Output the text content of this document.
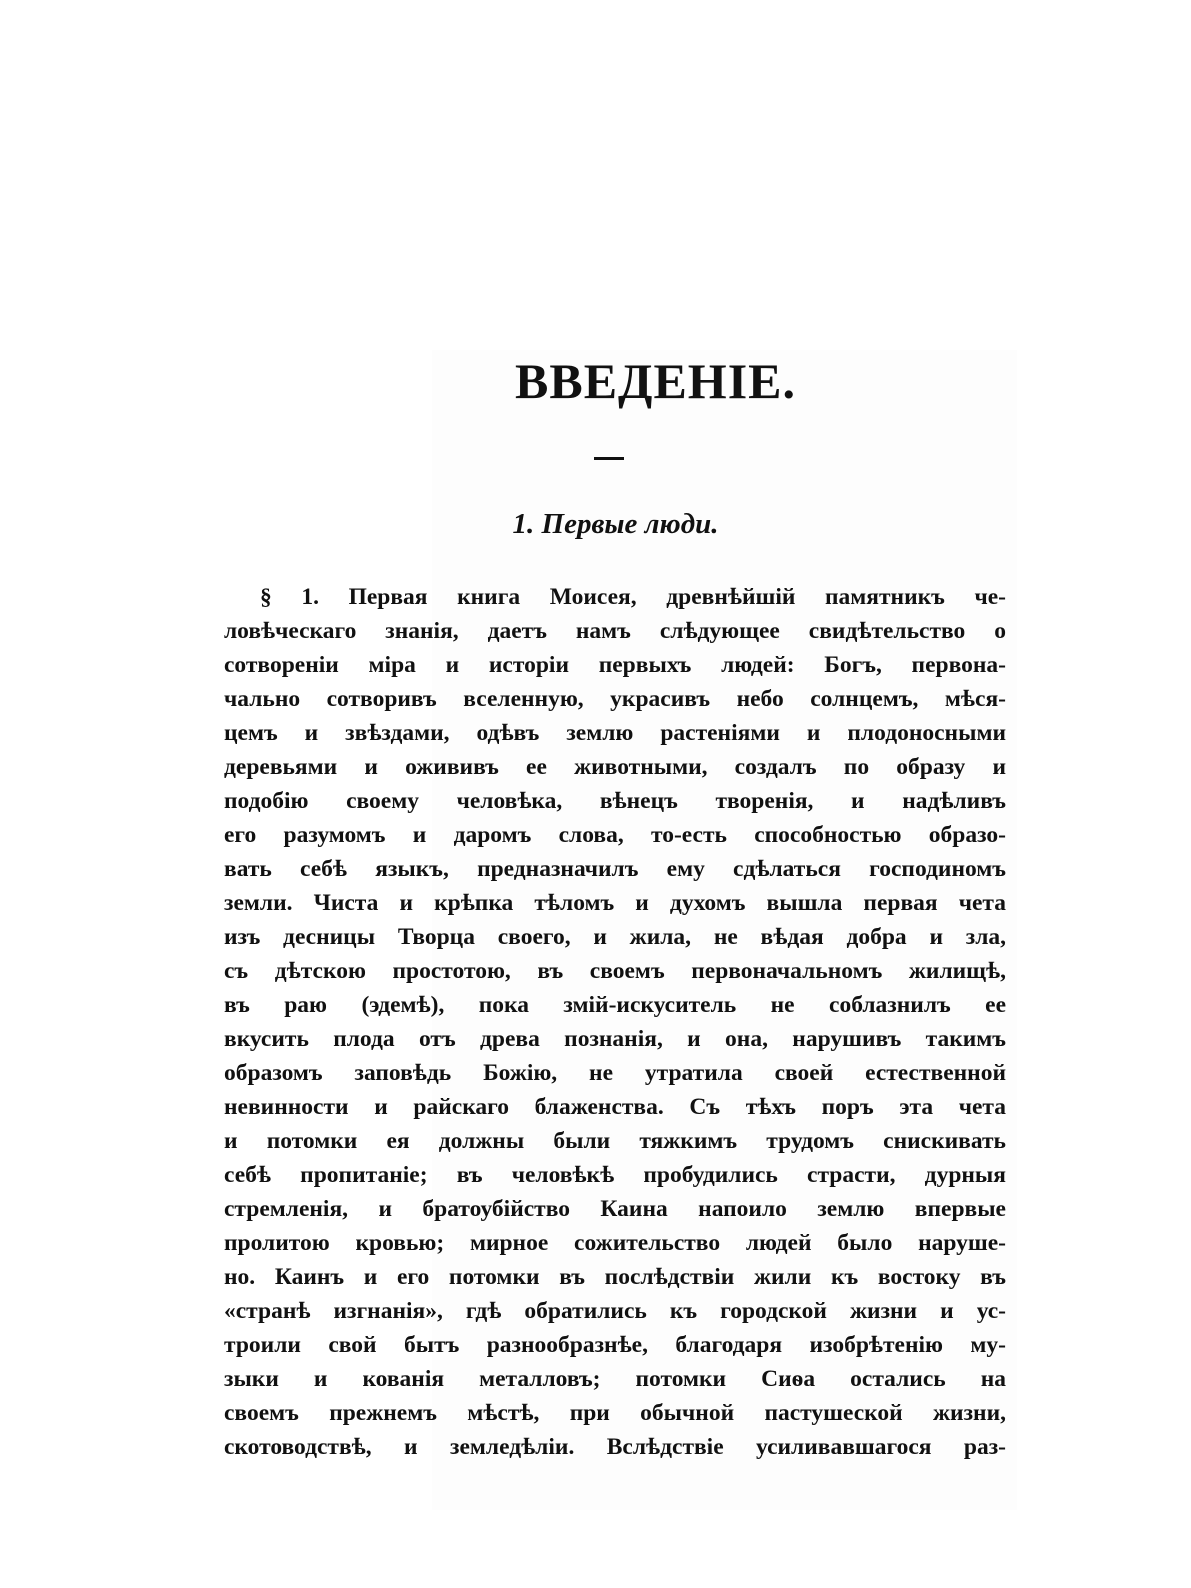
ВВЕДЕНІЕ.
1. Первые люди.
§ 1. Первая книга Моисея, древнѣйшій памятникъ че-
ловѣческаго знанія, даетъ намъ слѣдующее свидѣтельство о
сотвореніи міра и исторіи первыхъ людей: Богъ, первона-
чально сотворивъ вселенную, украсивъ небо солнцемъ, мѣся-
цемъ и звѣздами, одѣвъ землю растеніями и плодоносными
деревьями и ожививъ ее животными, создалъ по образу и
подобію своему человѣка, вѣнецъ творенія, и надѣливъ
его разумомъ и даромъ слова, то-есть способностью образо-
вать себѣ языкъ, предназначилъ ему сдѣлаться господиномъ
земли. Чиста и крѣпка тѣломъ и духомъ вышла первая чета
изъ десницы Творца своего, и жила, не вѣдая добра и зла,
съ дѣтскою простотою, въ своемъ первоначальномъ жилищѣ,
въ раю (эдемѣ), пока змій-искуситель не соблазнилъ ее
вкусить плода отъ древа познанія, и она, нарушивъ такимъ
образомъ заповѣдь Божію, не утратила своей естественной
невинности и райскаго блаженства. Съ тѣхъ поръ эта чета
и потомки ея должны были тяжкимъ трудомъ снискивать
себѣ пропитаніе; въ человѣкѣ пробудились страсти, дурныя
стремленія, и братоубійство Каина напоило землю впервые
пролитою кровью; мирное сожительство людей было наруше-
но. Каинъ и его потомки въ послѣдствіи жили къ востоку въ
«странѣ изгнанія», гдѣ обратились къ городской жизни и ус-
троили свой бытъ разнообразнѣе, благодаря изобрѣтенію му-
зыки и кованія металловъ; потомки Сиѳа остались на
своемъ прежнемъ мѣстѣ, при обычной пастушеской жизни,
скотоводствѣ, и земледѣліи. Вслѣдствіе усиливавшагося раз-
